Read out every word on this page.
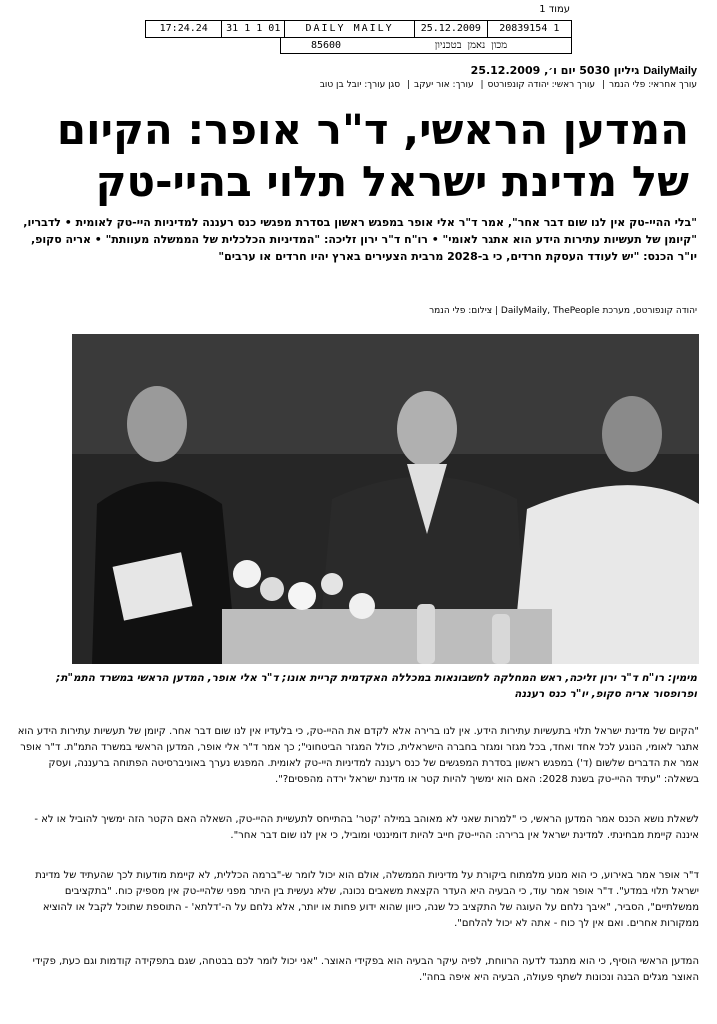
עמוד 1
17:24.24	31 1 1 01	DAILY MAILY	25.12.2009	20839154 1
85600	מכון נאמן בטכניון
DailyMaily גיליון 5030 יום ו׳, 25.12.2009
עורך אחראי: פלי הנמר| עורך ראשי: יהודה קונפורטס| עורך: אור יעקב| סגן עורך: יובל בן טוב
המדען הראשי, ד"ר אופר: הקיום
של מדינת ישראל תלוי בהיי-טק
"בלי ההיי-טק אין לנו שום דבר אחר", אמר ד"ר אלי אופר במפגש ראשון בסדרת מפגשי כנס רעננה למדיניות היי-טק לאומית • לדבריו, "קיומן של תעשיות עתירות הידע הוא אתגר לאומי" • רו"ח ד"ר ירון זליכה: "המדיניות הכלכלית של הממשלה מעוותת" • אריה סקופ, יו"ר הכנס: "יש לעודד העסקת חרדים, כי ב-2028 מרבית הצעירים בארץ יהיו חרדים או ערבים"
יהודה קונפורטס, מערכת DailyMaily, ThePeople | צילום: פלי הנמר
מימין: רו"ח ד"ר ירון זליכה, ראש המחלקה לחשבונאות במכללה האקדמית קריית אונו; ד"ר אלי אופר, המדען הראשי במשרד התמ"ת; ופרופסור אריה סקופ, יו"ר כנס רעננה

"הקיום של מדינת ישראל תלוי בתעשיות עתירות הידע. אין לנו ברירה אלא לקדם את ההיי-טק, כי בלעדיו אין לנו שום דבר אחר. קיומן של תעשיות עתירות הידע הוא אתגר לאומי, הנוגע לכל אחד ואחד, בכל מגזר ומגזר בחברה הישראלית, כולל המגזר הביטחוני"; כך אמר ד"ר אלי אופר, המדען הראשי במשרד התמ"ת. ד"ר אופר אמר את הדברים שלשום (ד') במפגש ראשון בסדרת המפגשים של כנס רעננה למדיניות היי-טק לאומית. המפגש נערך באוניברסיטה הפתוחה ברעננה, ועסק בשאלה: "עתיד ההיי-טק בשנת 2028: האם הוא ימשיך להיות קטר או מדינת ישראל ירדה מהפסים?".

לשאלת נושא הכנס אמר המדען הראשי, כי "למרות שאני לא מאוהב במילה 'קטר' בהתייחס לתעשיית ההיי-טק, השאלה האם הקטר הזה ימשיך להוביל או לא - איננה קיימת מבחינתי. למדינת ישראל אין ברירה: ההיי-טק חייב להיות דומיננטי ומוביל, כי אין לנו שום דבר אחר".

ד"ר אופר אמר באירוע, כי הוא מנוע מלמתוח ביקורת על מדיניות הממשלה, אולם הוא יכול לומר ש-"ברמה הכללית, לא קיימת מודעות לכך שהעתיד של מדינת ישראל תלוי במדע". ד"ר אופר אמר עוד, כי הבעיה היא העדר הקצאת משאבים נכונה, שלא נעשית בין היתר מפני שלהיי-טק אין מספיק כוח. "בתקציבים ממשלתיים", הסביר, "איבך נלחם על העוגה של התקציב כל שנה, כיוון שהוא ידוע פחות או יותר, אלא נלחם על ה-'דלתא' - התוספת שתוכל לקבל או להוציא ממקורות אחרים. ואם אין לך כוח - אתה לא יכול להלחם".

המדען הראשי הוסיף, כי הוא מתנגד לדעה הרווחת, לפיה עיקר הבעיה הוא בפקידי האוצר. "אני יכול לומר לכם בבטחה, שגם בתפקידה קודמות וגם כעת, פקידי האוצר מגלים הבנה ונכונות לשתף פעולה, הבעיה היא איפה בחה".
